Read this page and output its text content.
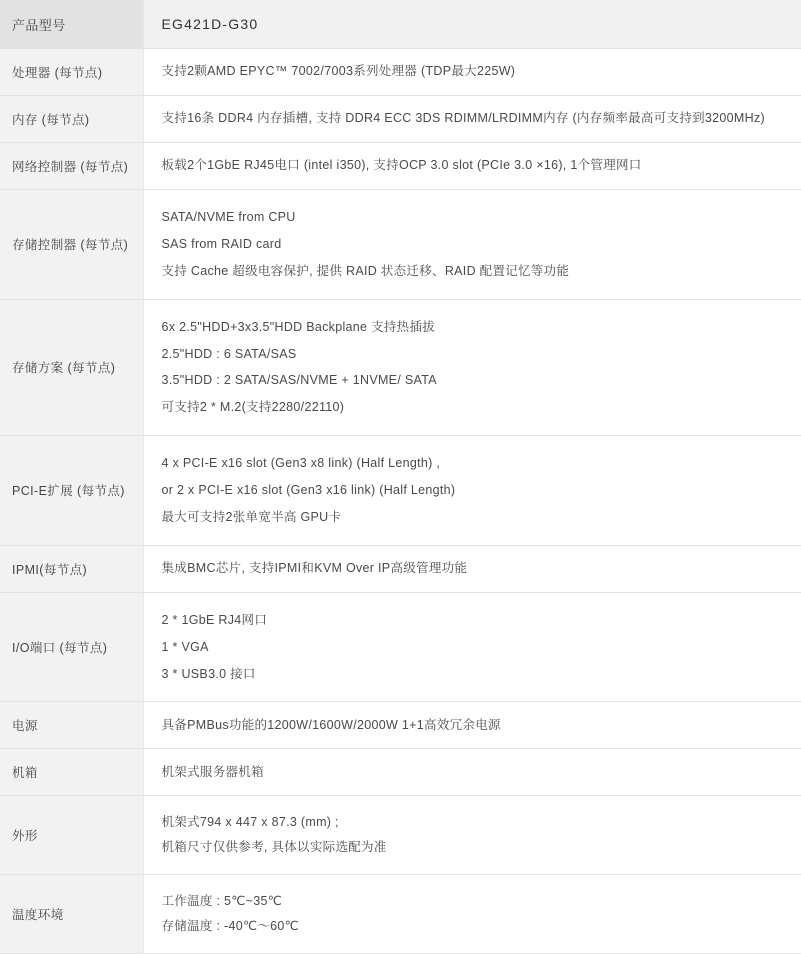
产品型号	EG421D-G30
处理器 (每节点)	支持2颗AMD EPYC™ 7002/7003系列处理器 (TDP最大225W)

内存 (每节点)	支持16条 DDR4 内存插槽, 支持 DDR4 ECC 3DS RDIMM/LRDIMM内存 (内存频率最高可支持到3200MHz)

网络控制器 (每节点)	板载2个1GbE RJ45电口 (intel i350), 支持OCP 3.0 slot (PCIe 3.0 ×16), 1个管理网口

存储控制器 (每节点)	SATA/NVME from CPU
SAS from RAID card
支持 Cache 超级电容保护, 提供 RAID 状态迁移、RAID 配置记忆等功能

存储方案 (每节点)	6x 2.5"HDD+3x3.5"HDD Backplane 支持热插拔
2.5"HDD : 6 SATA/SAS
3.5"HDD : 2 SATA/SAS/NVME + 1NVME/ SATA
可支持2 * M.2(支持2280/22110)

PCI-E扩展 (每节点)	4 x PCI-E x16 slot (Gen3 x8 link) (Half Length) ,
or 2 x PCI-E x16 slot (Gen3 x16 link) (Half Length)
最大可支持2张单宽半高 GPU卡

IPMI(每节点)	集成BMC芯片, 支持IPMI和KVM Over IP高级管理功能

I/O端口 (每节点)	2 * 1GbE RJ4网口
1 * VGA
3 * USB3.0 接口

电源	具备PMBus功能的1200W/1600W/2000W 1+1高效冗余电源

机箱	机架式服务器机箱

外形	机架式794 x 447 x 87.3 (mm) ;
机箱尺寸仅供参考, 具体以实际选配为准

温度环境	工作温度 : 5℃~35℃
存储温度 : -40℃～60℃
